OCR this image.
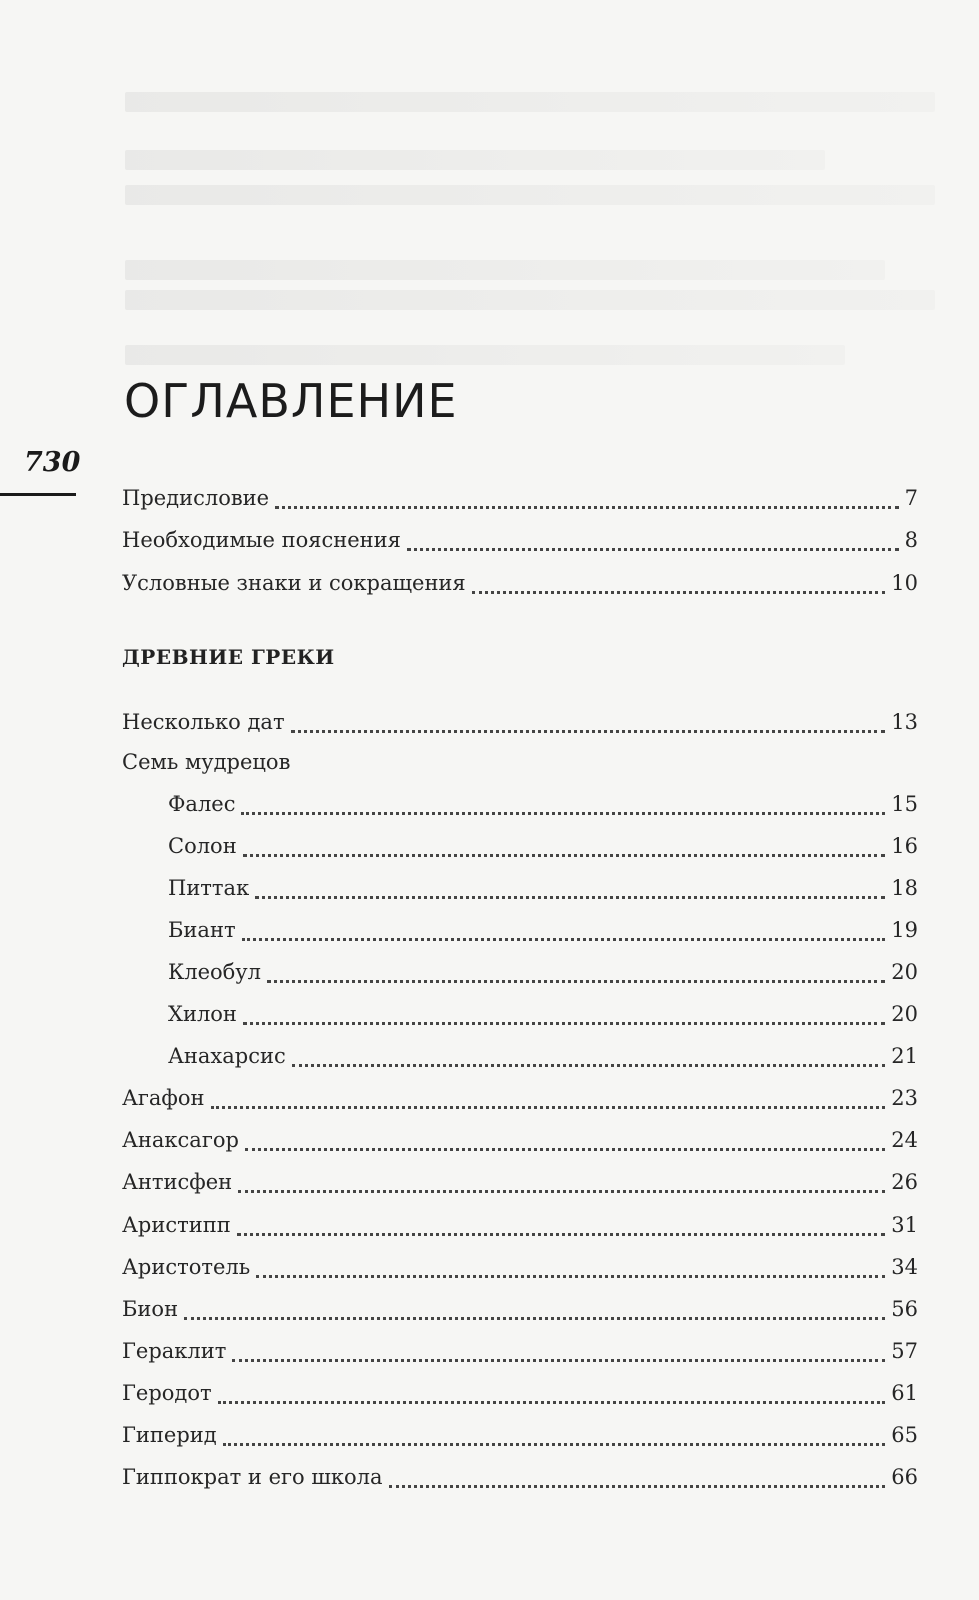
730
ОГЛАВЛЕНИЕ
Предисловие	7
Необходимые пояснения	8
Условные знаки и сокращения	10
ДРЕВНИЕ ГРЕКИ
Несколько дат	13
Семь мудрецов
Фалес	15
Солон	16
Питтак	18
Биант	19
Клеобул	20
Хилон	20
Анахарсис	21
Агафон	23
Анаксагор	24
Антисфен	26
Аристипп	31
Аристотель	34
Бион	56
Гераклит	57
Геродот	61
Гиперид	65
Гиппократ и его школа	66
